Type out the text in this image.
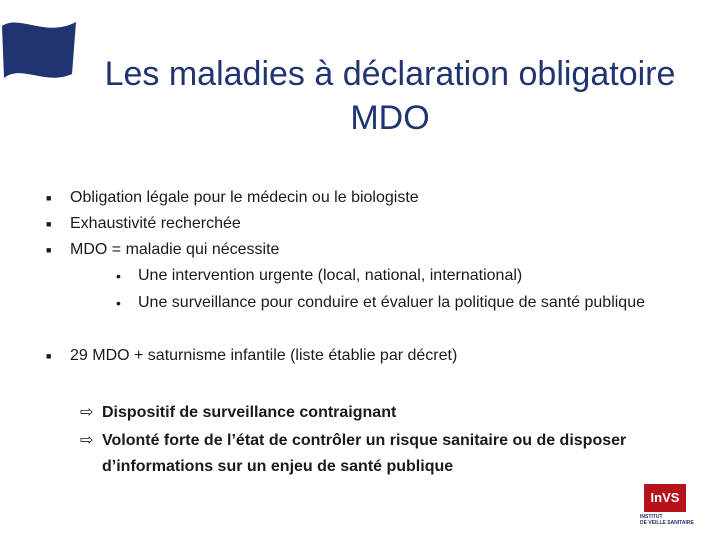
Les maladies à déclaration obligatoire
MDO
■	Obligation légale pour le médecin ou le biologiste
■	Exhaustivité recherchée
■	MDO = maladie qui nécessite
•	Une intervention urgente (local, national, international)
•	Une surveillance pour conduire et évaluer la politique de santé publique
■	29 MDO + saturnisme infantile (liste établie par décret)
⇨ Dispositif de surveillance contraignant
⇨ Volonté forte de l’état de contrôler un risque sanitaire ou de disposer d’informations sur un enjeu de santé publique
InVS
INSTITUT
DE VEILLE SANITAIRE
